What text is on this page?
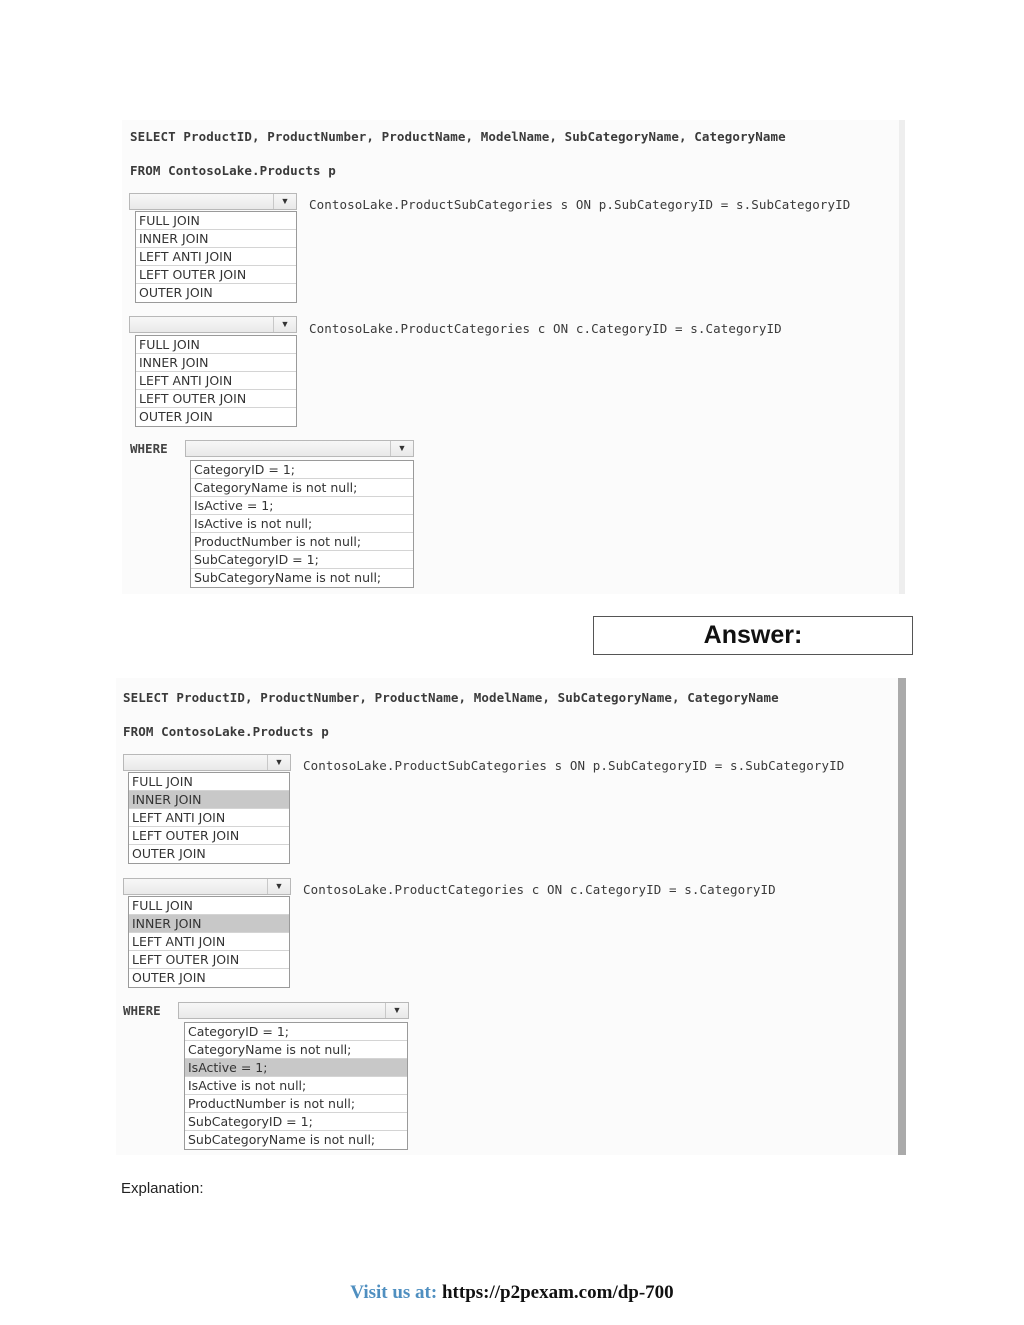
SELECT ProductID, ProductNumber, ProductName, ModelName, SubCategoryName, CategoryName
FROM ContosoLake.Products p
▼	ContosoLake.ProductSubCategories s ON p.SubCategoryID = s.SubCategoryID
FULL JOIN
INNER JOIN
LEFT ANTI JOIN
LEFT OUTER JOIN
OUTER JOIN
▼	ContosoLake.ProductCategories c ON c.CategoryID = s.CategoryID
FULL JOIN
INNER JOIN
LEFT ANTI JOIN
LEFT OUTER JOIN
OUTER JOIN
WHERE	▼
CategoryID = 1;
CategoryName is not null;
IsActive = 1;
IsActive is not null;
ProductNumber is not null;
SubCategoryID = 1;
SubCategoryName is not null;
Answer:
SELECT ProductID, ProductNumber, ProductName, ModelName, SubCategoryName, CategoryName
FROM ContosoLake.Products p
▼	ContosoLake.ProductSubCategories s ON p.SubCategoryID = s.SubCategoryID
FULL JOIN
INNER JOIN
LEFT ANTI JOIN
LEFT OUTER JOIN
OUTER JOIN
▼	ContosoLake.ProductCategories c ON c.CategoryID = s.CategoryID
FULL JOIN
INNER JOIN
LEFT ANTI JOIN
LEFT OUTER JOIN
OUTER JOIN
WHERE	▼
CategoryID = 1;
CategoryName is not null;
IsActive = 1;
IsActive is not null;
ProductNumber is not null;
SubCategoryID = 1;
SubCategoryName is not null;
Explanation:
Visit us at: https://p2pexam.com/dp-700
